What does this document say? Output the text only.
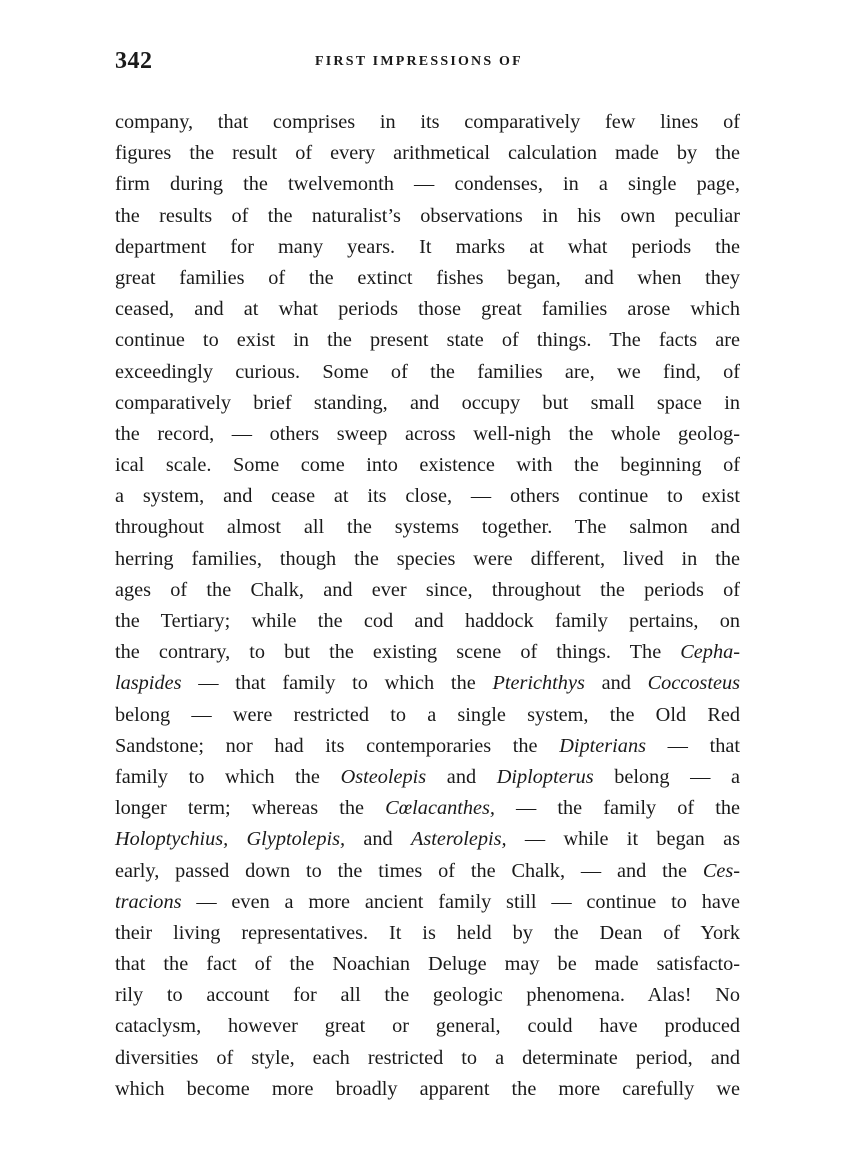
342	FIRST IMPRESSIONS OF
company, that comprises in its comparatively few lines of
figures the result of every arithmetical calculation made by the
firm during the twelvemonth — condenses, in a single page,
the results of the naturalist’s observations in his own peculiar
department for many years. It marks at what periods the
great families of the extinct fishes began, and when they
ceased, and at what periods those great families arose which
continue to exist in the present state of things. The facts are
exceedingly curious. Some of the families are, we find, of
comparatively brief standing, and occupy but small space in
the record, — others sweep across well-nigh the whole geolog-
ical scale. Some come into existence with the beginning of
a system, and cease at its close, — others continue to exist
throughout almost all the systems together. The salmon and
herring families, though the species were different, lived in the
ages of the Chalk, and ever since, throughout the periods of
the Tertiary; while the cod and haddock family pertains, on
the contrary, to but the existing scene of things. The Cepha-
laspides — that family to which the Pterichthys and Coccosteus
belong — were restricted to a single system, the Old Red
Sandstone; nor had its contemporaries the Dipterians — that
family to which the Osteolepis and Diplopterus belong — a
longer term; whereas the Cœlacanthes, — the family of the
Holoptychius, Glyptolepis, and Asterolepis, — while it began as
early, passed down to the times of the Chalk, — and the Ces-
tracions — even a more ancient family still — continue to have
their living representatives. It is held by the Dean of York
that the fact of the Noachian Deluge may be made satisfacto-
rily to account for all the geologic phenomena. Alas! No
cataclysm, however great or general, could have produced
diversities of style, each restricted to a determinate period, and
which become more broadly apparent the more carefully we
